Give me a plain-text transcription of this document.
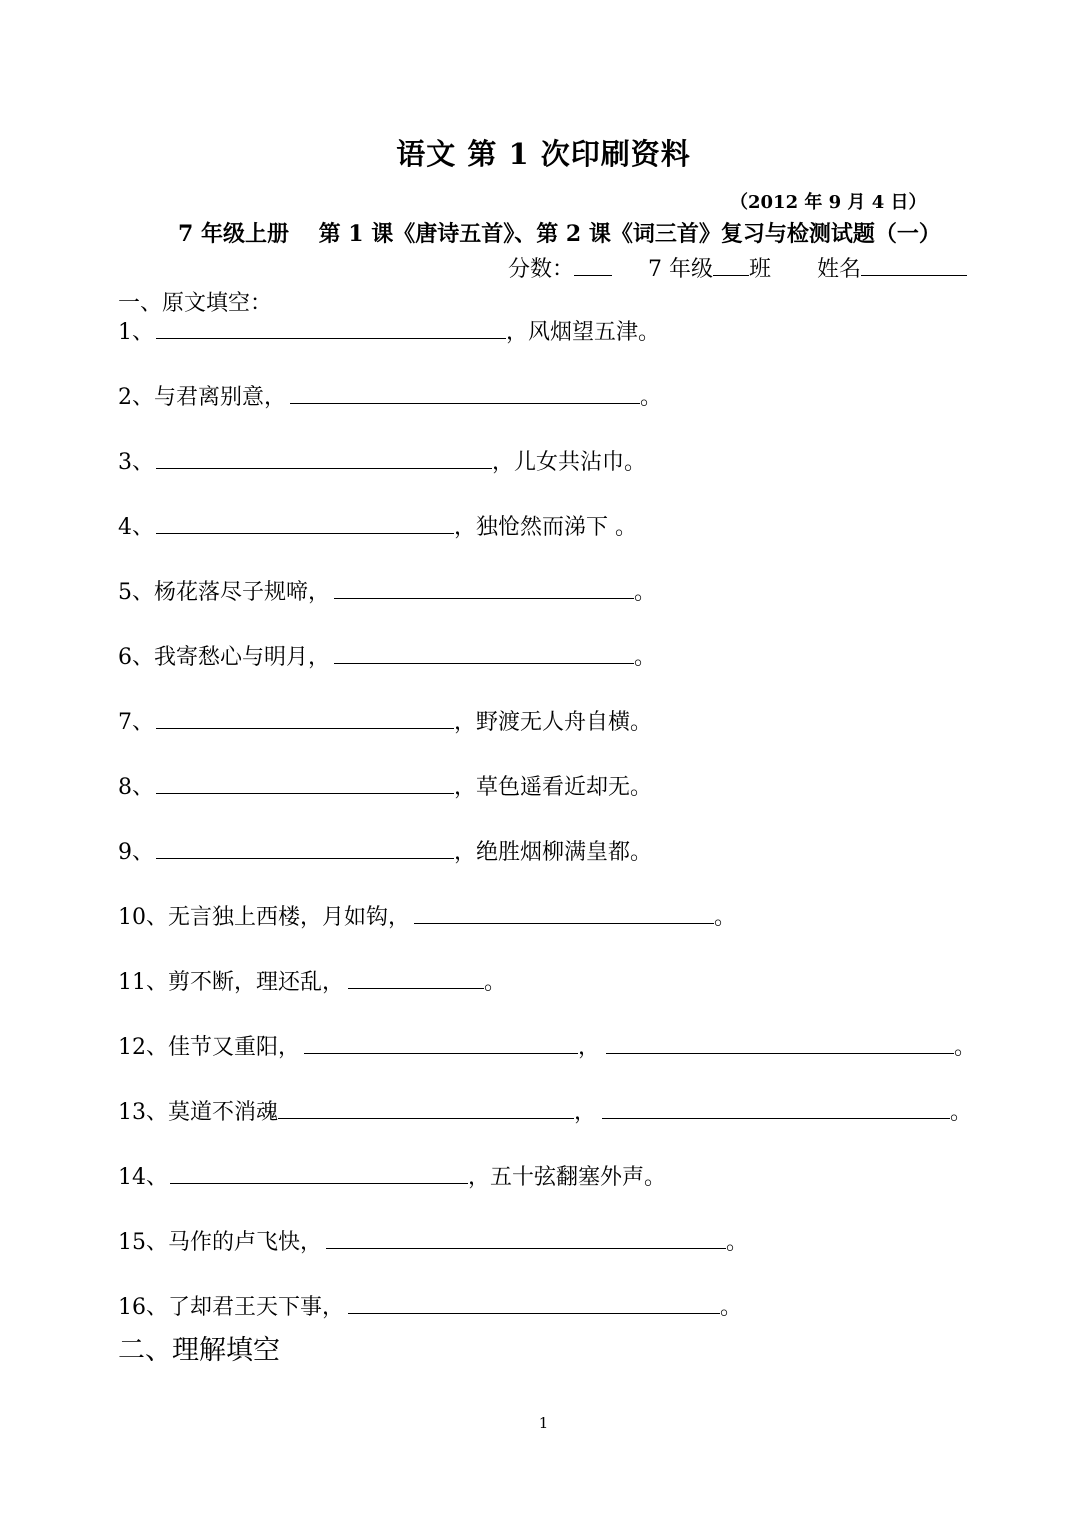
语文 第 1 次印刷资料
（2012 年 9 月 4 日）
7 年级上册　 第 1 课《唐诗五首》、第 2 课《词三首》复习与检测试题（一）
分数：	7 年级 班 姓名
一、原文填空：
1、	，风烟望五津。
2、与君离别意，	。
3、	，儿女共沾巾。
4、	，独怆然而涕下 。
5、杨花落尽子规啼，	。
6、我寄愁心与明月，	。
7、	，野渡无人舟自横。
8、	，草色遥看近却无。
9、	，绝胜烟柳满皇都。
10、无言独上西楼，月如钩，	。
11、剪不断，理还乱，	。
12、佳节又重阳，	，	。
13、莫道不消魂	，	。
14、	，五十弦翻塞外声。
15、马作的卢飞快，	。
16、了却君王天下事，	。
二、理解填空
1
